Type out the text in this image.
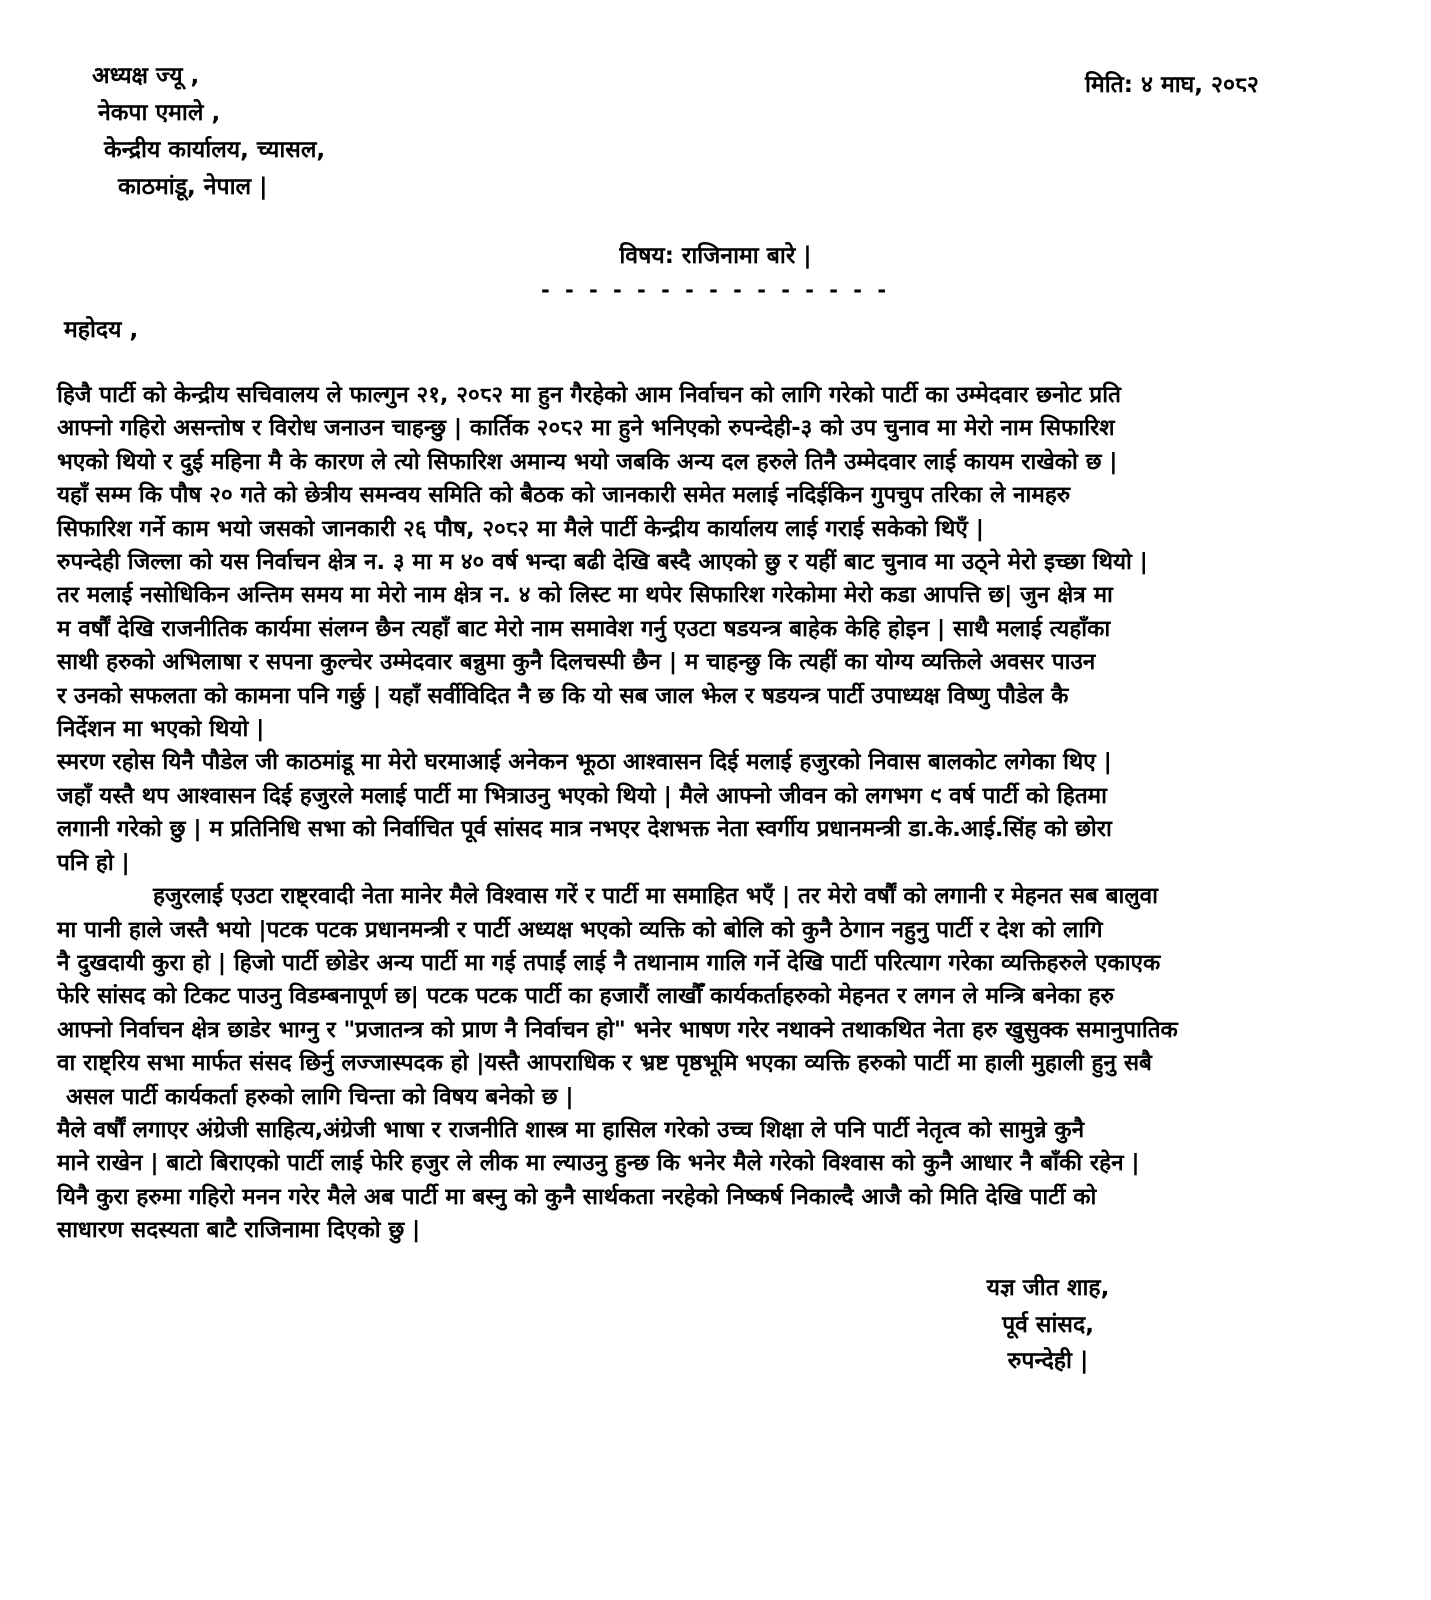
अध्यक्ष ज्यू ,
नेकपा एमाले ,
केन्द्रीय कार्यालय, च्यासल,
काठमांडू, नेपाल |
मिति: ४ माघ, २०८२
विषय: राजिनामा बारे |
- - - - - - - - - - - - - - -
महोदय ,
हिजै पार्टी को केन्द्रीय सचिवालय ले फाल्गुन २१, २०८२ मा हुन गैरहेको आम निर्वाचन को लागि गरेको पार्टी का उम्मेदवार छनोट प्रति
आफ्नो गहिरो असन्तोष र विरोध जनाउन चाहन्छु | कार्तिक २०८२ मा हुने भनिएको रुपन्देही-३ को उप चुनाव मा मेरो नाम सिफारिश
भएको थियो र दुई महिना मै के कारण ले त्यो सिफारिश अमान्य भयो जबकि अन्य दल हरुले तिनै उम्मेदवार लाई कायम राखेको छ |
यहाँ सम्म कि पौष २० गते को छेत्रीय समन्वय समिति को बैठक को जानकारी समेत मलाई नदिईकिन गुपचुप तरिका ले नामहरु
सिफारिश गर्ने काम भयो जसको जानकारी २६ पौष, २०८२ मा मैले पार्टी केन्द्रीय कार्यालय लाई गराई सकेको थिएँ |
रुपन्देही जिल्ला को यस निर्वाचन क्षेत्र न. ३ मा म ४० वर्ष भन्दा बढी देखि बस्दै आएको छु र यहीं बाट चुनाव मा उठ्ने मेरो इच्छा थियो |
तर मलाई नसोधिकिन अन्तिम समय मा मेरो नाम क्षेत्र न. ४ को लिस्ट मा थपेर सिफारिश गरेकोमा मेरो कडा आपत्ति छ| जुन क्षेत्र मा
म वर्षौं देखि राजनीतिक कार्यमा संलग्न छैन त्यहाँ बाट मेरो नाम समावेश गर्नु एउटा षडयन्त्र बाहेक केहि होइन | साथै मलाई त्यहाँका
साथी हरुको अभिलाषा र सपना कुल्चेर उम्मेदवार बन्नुमा कुनै दिलचस्पी छैन | म चाहन्छु कि त्यहीं का योग्य व्यक्तिले अवसर पाउन
र उनको सफलता को कामना पनि गर्छु | यहाँ सर्वीविदित नै छ कि यो सब जाल झेल र षडयन्त्र पार्टी उपाध्यक्ष विष्णु पौडेल कै
निर्देशन मा भएको थियो |
स्मरण रहोस यिनै पौडेल जी काठमांडू मा मेरो घरमाआई अनेकन झूठा आश्वासन दिई मलाई हजुरको निवास बालकोट लगेका थिए |
जहाँ यस्तै थप आश्वासन दिई हजुरले मलाई पार्टी मा भित्राउनु भएको थियो | मैले आफ्नो जीवन को लगभग ९ वर्ष पार्टी को हितमा
लगानी गरेको छु | म प्रतिनिधि सभा को निर्वाचित पूर्व सांसद मात्र नभएर देशभक्त नेता स्वर्गीय प्रधानमन्त्री डा.के.आई.सिंह को छोरा
पनि हो |
हजुरलाई एउटा राष्ट्रवादी नेता मानेर मैले विश्वास गरें र पार्टी मा समाहित भएँ | तर मेरो वर्षौं को लगानी र मेहनत सब बालुवा
मा पानी हाले जस्तै भयो |पटक पटक प्रधानमन्त्री र पार्टी अध्यक्ष भएको व्यक्ति को बोलि को कुनै ठेगान नहुनु पार्टी र देश को लागि
नै दुखदायी कुरा हो | हिजो पार्टी छोडेर अन्य पार्टी मा गई तपाईं लाई नै तथानाम गालि गर्ने देखि पार्टी परित्याग गरेका व्यक्तिहरुले एकाएक
फेरि सांसद को टिकट पाउनु विडम्बनापूर्ण छ| पटक पटक पार्टी का हजारौं लाखौँ कार्यकर्ताहरुको मेहनत र लगन ले मन्त्रि बनेका हरु
आफ्नो निर्वाचन क्षेत्र छाडेर भाग्नु र "प्रजातन्त्र को प्राण नै निर्वाचन हो" भनेर भाषण गरेर नथाक्ने तथाकथित नेता हरु खुसुक्क समानुपातिक
वा राष्ट्रिय सभा मार्फत संसद छिर्नु लज्जास्पदक हो |यस्तै आपराधिक र भ्रष्ट पृष्ठभूमि भएका व्यक्ति हरुको पार्टी मा हाली मुहाली हुनु सबै
असल पार्टी कार्यकर्ता हरुको लागि चिन्ता को विषय बनेको छ |
मैले वर्षौं लगाएर अंग्रेजी साहित्य,अंग्रेजी भाषा र राजनीति शास्त्र मा हासिल गरेको उच्च शिक्षा ले पनि पार्टी नेतृत्व को सामुन्ने कुनै
माने राखेन | बाटो बिराएको पार्टी लाई फेरि हजुर ले लीक मा ल्याउनु हुन्छ कि भनेर मैले गरेको विश्वास को कुनै आधार नै बाँकी रहेन |
यिनै कुरा हरुमा गहिरो मनन गरेर मैले अब पार्टी मा बस्नु को कुनै सार्थकता नरहेको निष्कर्ष निकाल्दै आजै को मिति देखि पार्टी को
साधारण सदस्यता बाटै राजिनामा दिएको छु |
यज्ञ जीत शाह,
पूर्व सांसद,
रुपन्देही |
